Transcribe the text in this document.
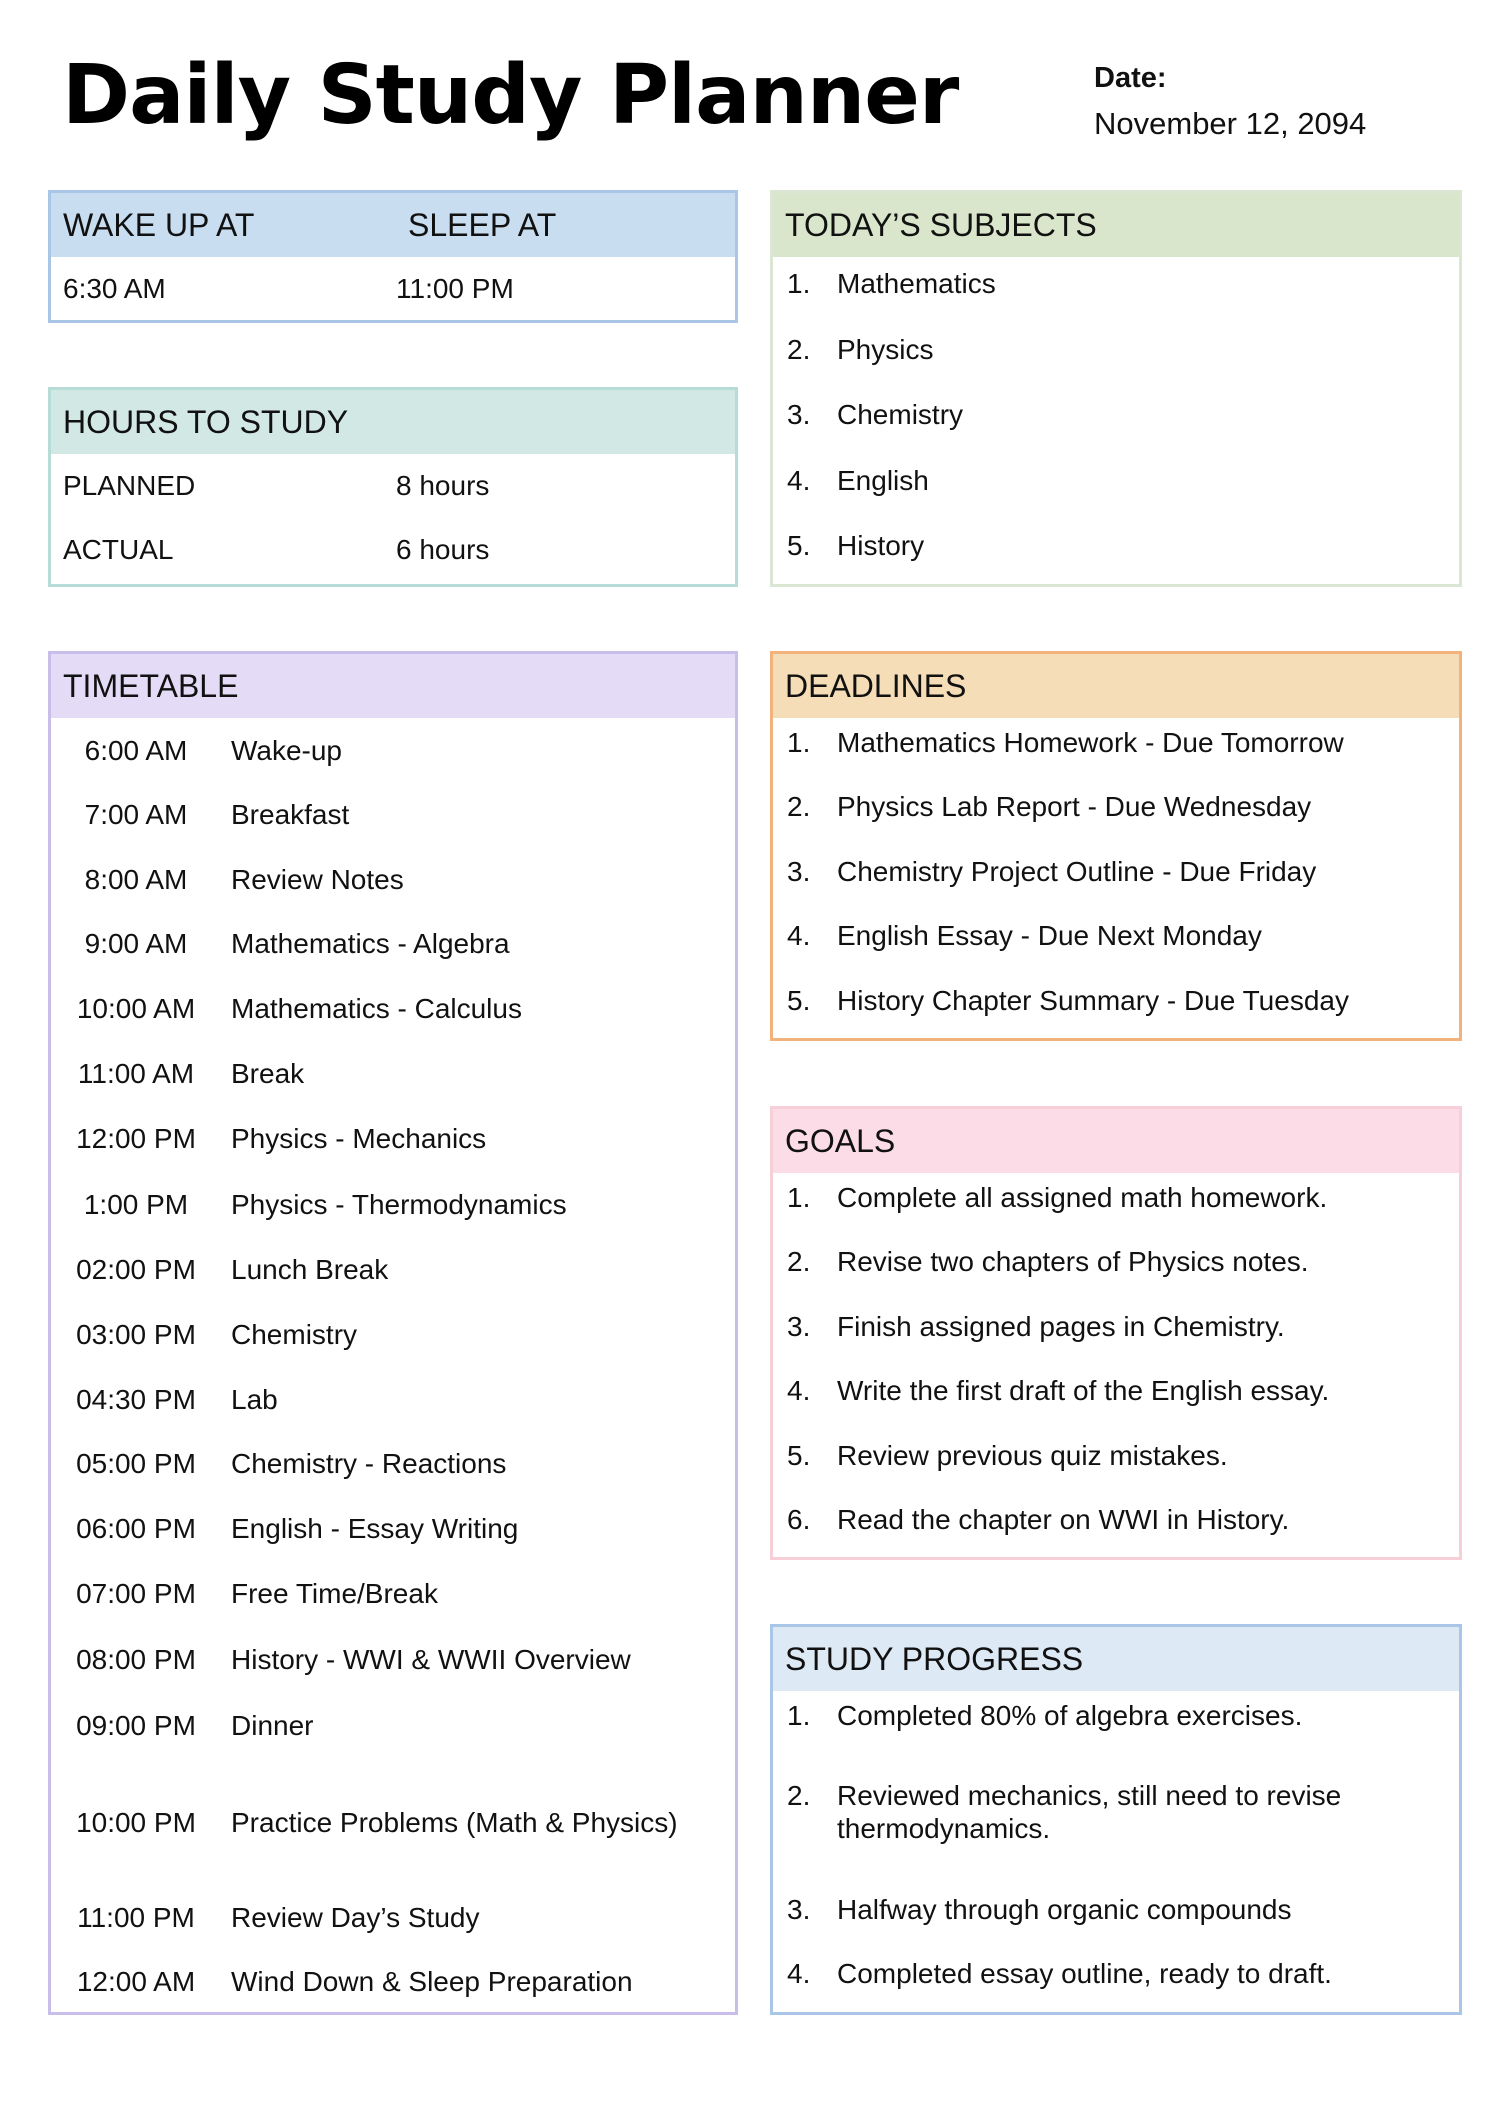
Daily Study Planner	Date:
November 12, 2094
WAKE UP AT	SLEEP AT
6:30 AM	11:00 PM
HOURS TO STUDY
PLANNED	8 hours
ACTUAL	6 hours
TODAY’S SUBJECTS
1. Mathematics
2. Physics
3. Chemistry
4. English
5. History
TIMETABLE
6:00 AM	Wake-up
7:00 AM	Breakfast
8:00 AM	Review Notes
9:00 AM	Mathematics - Algebra
10:00 AM	Mathematics - Calculus
11:00 AM	Break
12:00 PM	Physics - Mechanics
1:00 PM	Physics - Thermodynamics
02:00 PM	Lunch Break
03:00 PM	Chemistry
04:30 PM	Lab
05:00 PM	Chemistry - Reactions
06:00 PM	English - Essay Writing
07:00 PM	Free Time/Break
08:00 PM	History - WWI & WWII Overview
09:00 PM	Dinner
10:00 PM	Practice Problems (Math & Physics)
11:00 PM	Review Day’s Study
12:00 AM	Wind Down & Sleep Preparation
DEADLINES
1. Mathematics Homework - Due Tomorrow
2. Physics Lab Report - Due Wednesday
3. Chemistry Project Outline - Due Friday
4. English Essay - Due Next Monday
5. History Chapter Summary - Due Tuesday
GOALS
1. Complete all assigned math homework.
2. Revise two chapters of Physics notes.
3. Finish assigned pages in Chemistry.
4. Write the first draft of the English essay.
5. Review previous quiz mistakes.
6. Read the chapter on WWI in History.
STUDY PROGRESS
1. Completed 80% of algebra exercises.
2. Reviewed mechanics, still need to revise thermodynamics.
3. Halfway through organic compounds
4. Completed essay outline, ready to draft.
